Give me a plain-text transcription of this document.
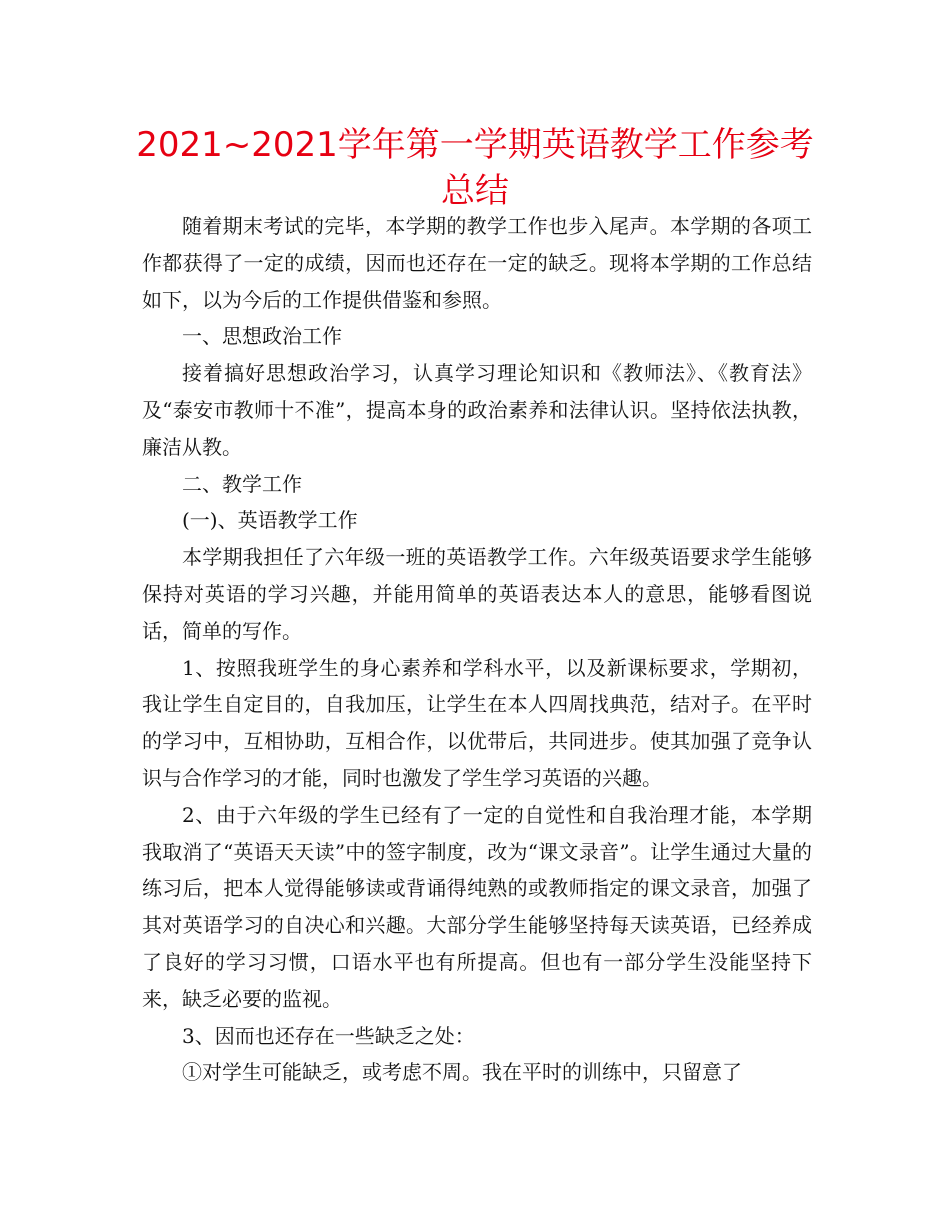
2021~2021学年第一学期英语教学工作参考总结

随着期末考试的完毕，本学期的教学工作也步入尾声。本学期的各项工作都获得了一定的成绩，因而也还存在一定的缺乏。现将本学期的工作总结如下，以为今后的工作提供借鉴和参照。

一、思想政治工作

接着搞好思想政治学习，认真学习理论知识和《教师法》、《教育法》及“泰安市教师十不准”，提高本身的政治素养和法律认识。坚持依法执教，廉洁从教。

二、教学工作

(一)、英语教学工作

本学期我担任了六年级一班的英语教学工作。六年级英语要求学生能够保持对英语的学习兴趣，并能用简单的英语表达本人的意思，能够看图说话，简单的写作。

1、按照我班学生的身心素养和学科水平，以及新课标要求，学期初，我让学生自定目的，自我加压，让学生在本人四周找典范，结对子。在平时的学习中，互相协助，互相合作，以优带后，共同进步。使其加强了竞争认识与合作学习的才能，同时也激发了学生学习英语的兴趣。

2、由于六年级的学生已经有了一定的自觉性和自我治理才能，本学期我取消了“英语天天读”中的签字制度，改为“课文录音”。让学生通过大量的练习后，把本人觉得能够读或背诵得纯熟的或教师指定的课文录音，加强了其对英语学习的自决心和兴趣。大部分学生能够坚持每天读英语，已经养成了良好的学习习惯，口语水平也有所提高。但也有一部分学生没能坚持下来，缺乏必要的监视。

3、因而也还存在一些缺乏之处：

①对学生可能缺乏，或考虑不周。我在平时的训练中，只留意了
